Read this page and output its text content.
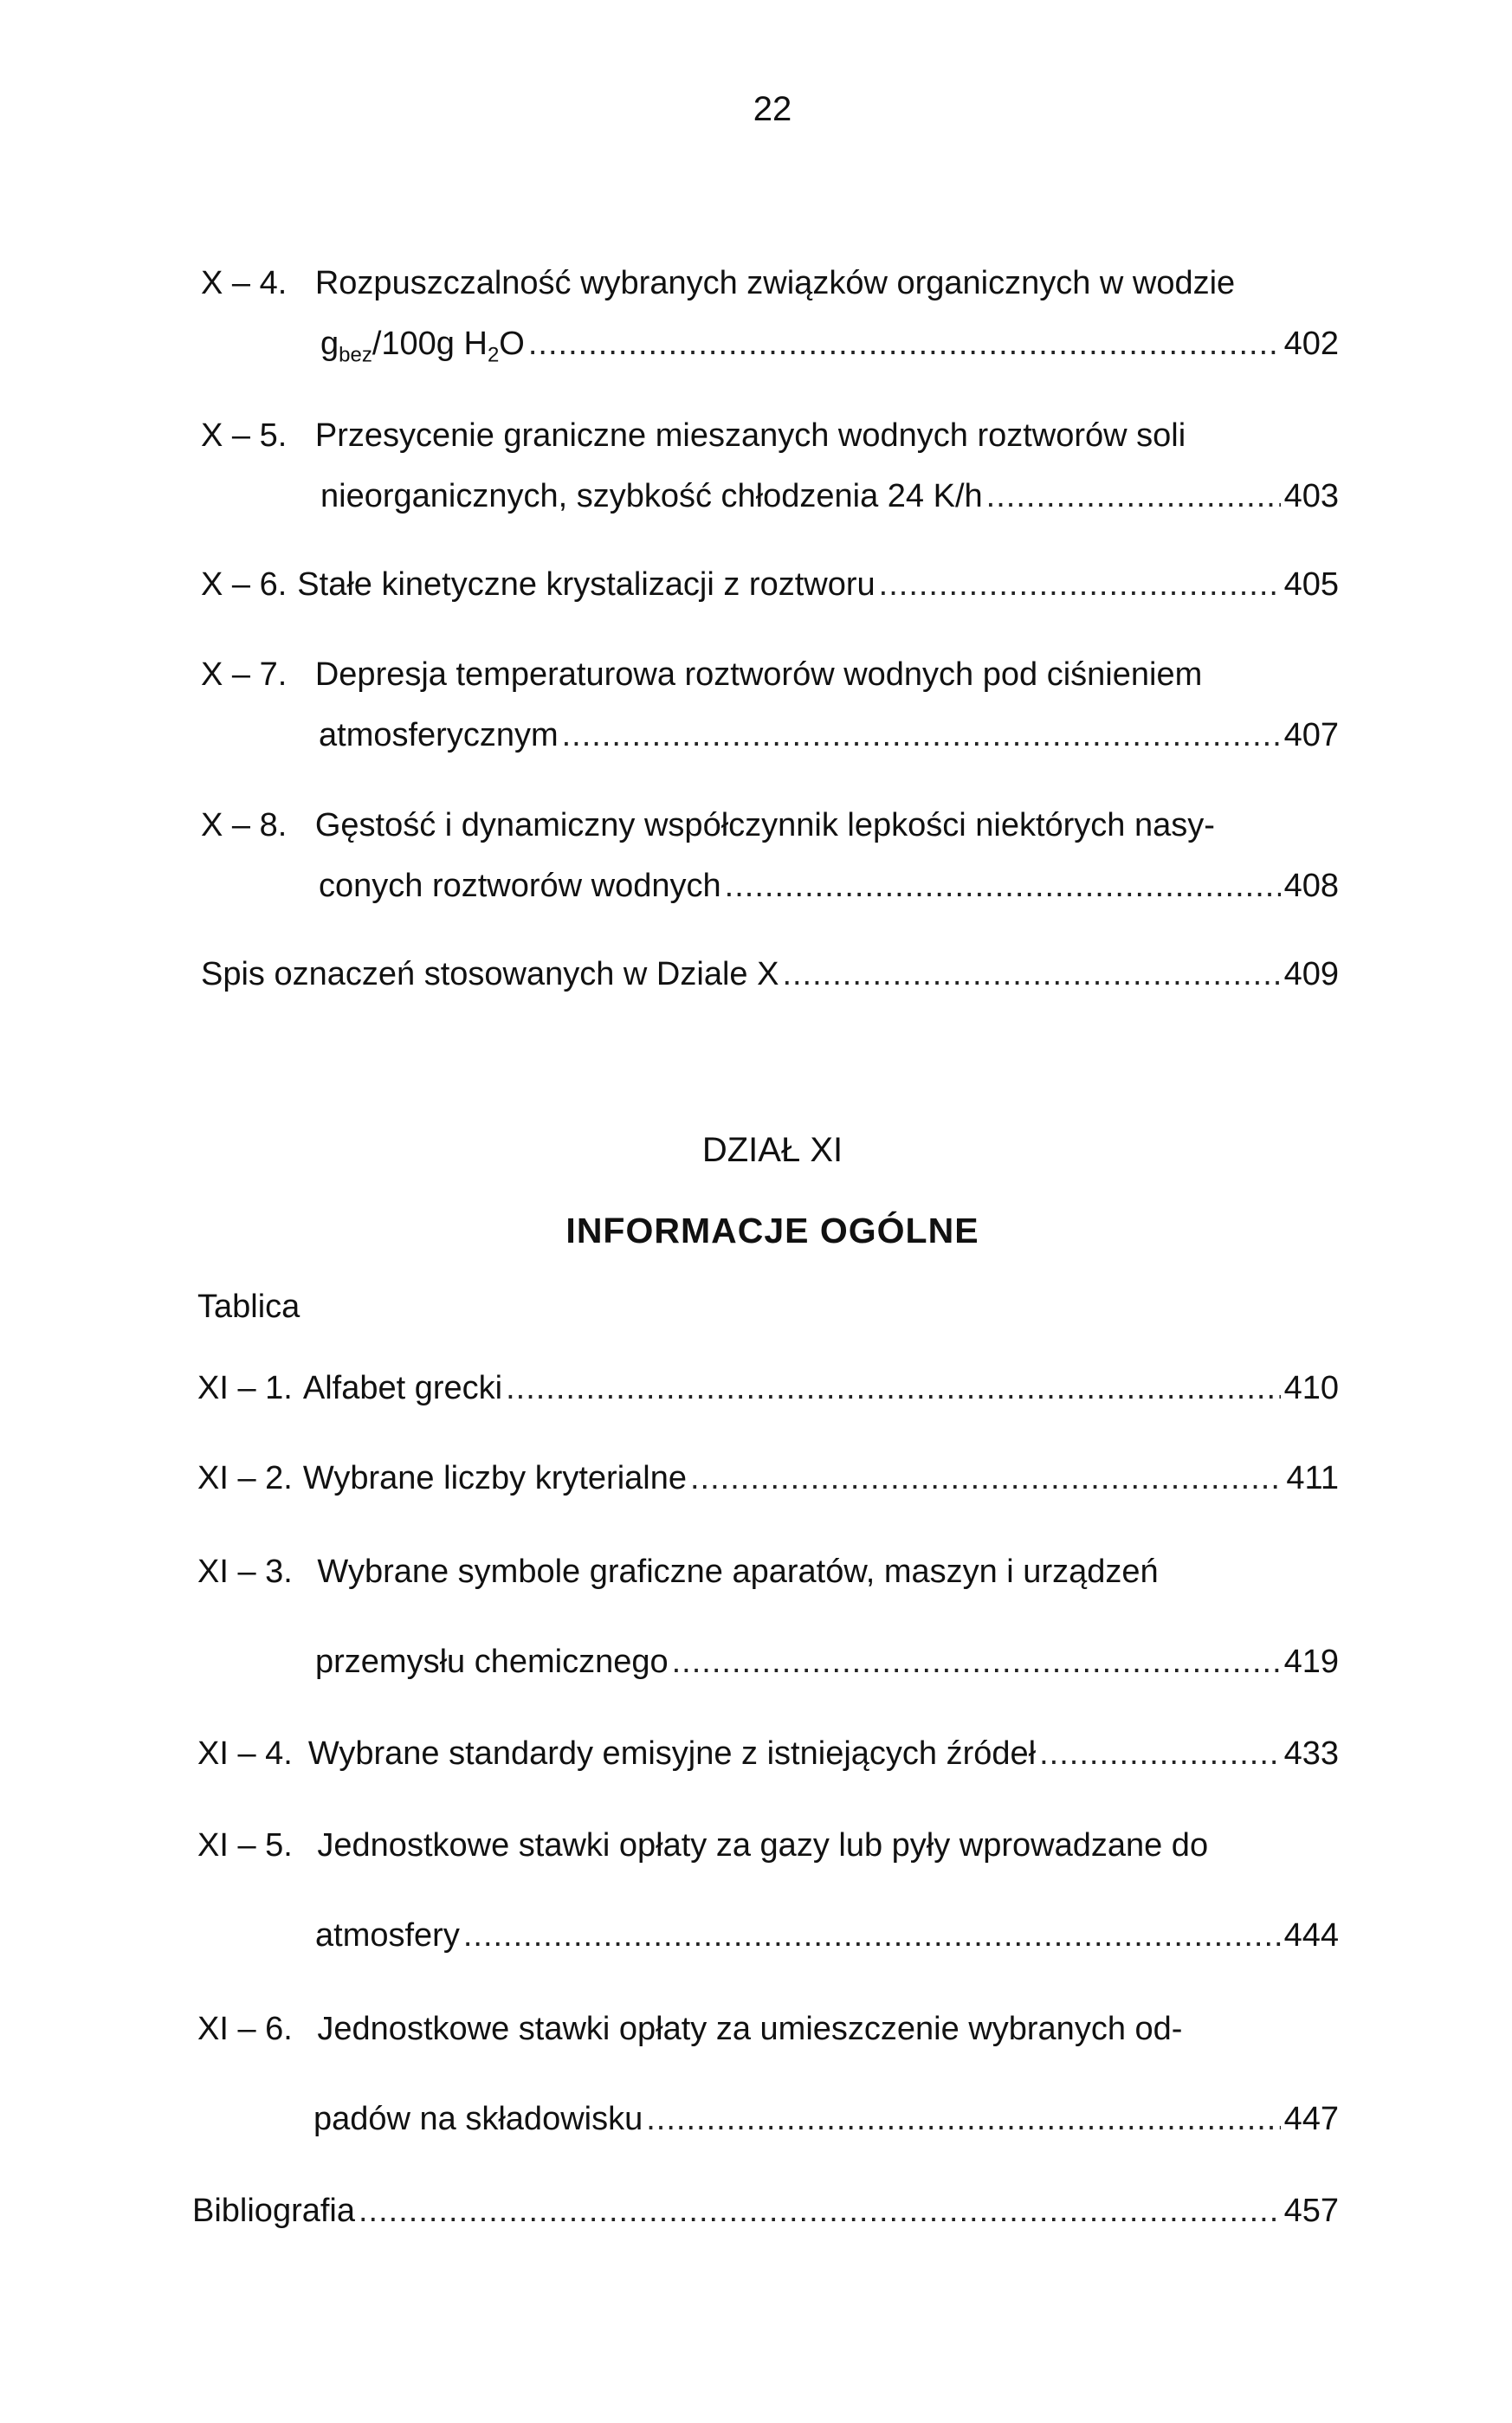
22
X – 4. Rozpuszczalność wybranych związków organicznych w wodzie
$g_{bez}/100g$ $H_2O$ .....	402
X – 5. Przesycenie graniczne mieszanych wodnych roztworów soli
nieorganicznych, szybkość chłodzenia 24 K/h .....	403
X – 6. Stałe kinetyczne krystalizacji z roztworu .....	405
X – 7. Depresja temperaturowa roztworów wodnych pod ciśnieniem
atmosferycznym .....	407
X – 8. Gęstość i dynamiczny współczynnik lepkości niektórych nasy-
conych roztworów wodnych .....	408
Spis oznaczeń stosowanych w Dziale X .....	409
DZIAŁ XI
INFORMACJE OGÓLNE
Tablica
XI – 1. Alfabet grecki .....	410
XI – 2. Wybrane liczby kryterialne .....	411
XI – 3. Wybrane symbole graficzne aparatów, maszyn i urządzeń
przemysłu chemicznego .....	419
XI – 4. Wybrane standardy emisyjne z istniejących źródeł .....	433
XI – 5. Jednostkowe stawki opłaty za gazy lub pyły wprowadzane do
atmosfery .....	444
XI – 6. Jednostkowe stawki opłaty za umieszczenie wybranych od-
padów na składowisku .....	447
Bibliografia .....	457
